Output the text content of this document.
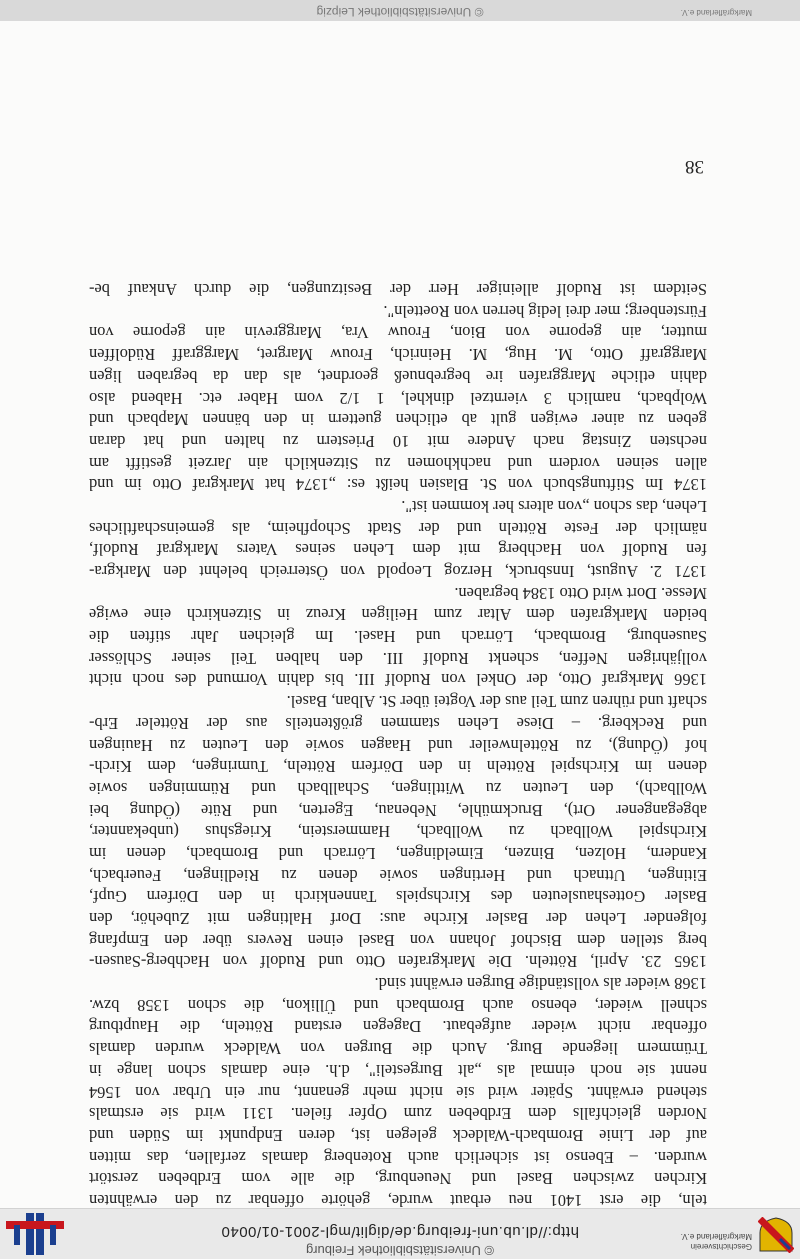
Geschichtsverein
Markgräflerland e.V.
© Universitätsbibliothek Freiburg
http://dl.ub.uni-freiburg.de/diglit/mgl-2001-01/0040
teln, die erst 1401 neu erbaut wurde, gehörte offenbar zu den erwähnten
Kirchen zwischen Basel und Neuenburg, die alle vom Erdbeben zerstört
wurden. – Ebenso ist sicherlich auch Rotenberg damals zerfallen, das mitten
auf der Linie Brombach-Waldeck gelegen ist, deren Endpunkt im Süden und
Norden gleichfalls dem Erdbeben zum Opfer fielen. 1311 wird sie erstmals
stehend erwähnt. Später wird sie nicht mehr genannt, nur ein Urbar von 1564
nennt sie noch einmal als „alt Burgesteli", d.h. eine damals schon lange in
Trümmern liegende Burg. Auch die Burgen von Waldeck wurden damals
offenbar nicht wieder aufgebaut. Dagegen erstand Rötteln, die Hauptburg
schnell wieder, ebenso auch Brombach und Üllikon, die schon 1358 bzw.
1368 wieder als vollständige Burgen erwähnt sind.
1365 23. April, Rötteln. Die Markgrafen Otto und Rudolf von Hachberg-Sausen-
berg stellen dem Bischof Johann von Basel einen Revers über den Empfang
folgender Lehen der Basler Kirche aus: Dorf Haltingen mit Zubehör, den
Basler Gotteshausleuten des Kirchspiels Tannenkirch in den Dörfern Gupf,
Eitingen, Uttnach und Hertingen sowie denen zu Riedlingen, Feuerbach,
Kandern, Holzen, Binzen, Eimeldingen, Lörrach und Brombach, denen im
Kirchspiel Wollbach zu Wollbach, Hammerstein, Kriegshus (unbekannter,
abgegangener Ort), Bruckmühle, Nebenau, Egerten, und Rüte (Ödung bei
Wollbach), den Leuten zu Wittlingen, Schallbach und Rümmingen sowie
denen im Kirchspiel Rötteln in den Dörfern Rötteln, Tumringen, dem Kirch-
hof (Ödung), zu Röttelnweiler und Haagen sowie den Leuten zu Hauingen
und Reckberg. – Diese Lehen stammen größtenteils aus der Rötteler Erb-
schaft und rühren zum Teil aus der Vogtei über St. Alban, Basel.
1366 Markgraf Otto, der Onkel von Rudolf III. bis dahin Vormund des noch nicht
volljährigen Neffen, schenkt Rudolf III. den halben Teil seiner Schlösser
Sausenburg, Brombach, Lörrach und Hasel. Im gleichen Jahr stiften die
beiden Markgrafen dem Altar zum Heiligen Kreuz in Sitzenkirch eine ewige
Messe. Dort wird Otto 1384 begraben.
1371 2. August, Innsbruck, Herzog Leopold von Österreich belehnt den Markgra-
fen Rudolf von Hachberg mit dem Lehen seines Vaters Markgraf Rudolf,
nämlich der Feste Rötteln und der Stadt Schopfheim, als gemeinschaftliches
Lehen, das schon „von alters her kommen ist".
1374 Im Stiftungsbuch von St. Blasien heißt es: „1374 hat Markgraf Otto im und
allen seinen vordern und nachkhomen zu Sitzenkilch ain Jarzeit gestifft am
nechsten Zinstag nach Andere mit 10 Priestern zu halten und hat daran
geben zu ainer ewigen gult ab etlichen guettern in den bännen Mapbach und
Wolpbach, namlich 3 vierntzel dinkhel, 1 1/2 vom Haber etc. Habend also
dahin etliche Marggrafen ire begrebnueß geordnet, als dan da begraben ligen
Marggraff Otto, M. Hug, M. Heinrich, Frouw Margret, Marggraff Rüdolffen
mutter, ain geporne von Bion, Frouw Vra, Marggrevin ain geporne von
Fürstenberg; mer drei ledig herren von Roetteln".
Seitdem ist Rudolf alleiniger Herr der Besitzungen, die durch Ankauf be-
38
Markgräflerland e.V.
© Universitätsbibliothek Leipzig
